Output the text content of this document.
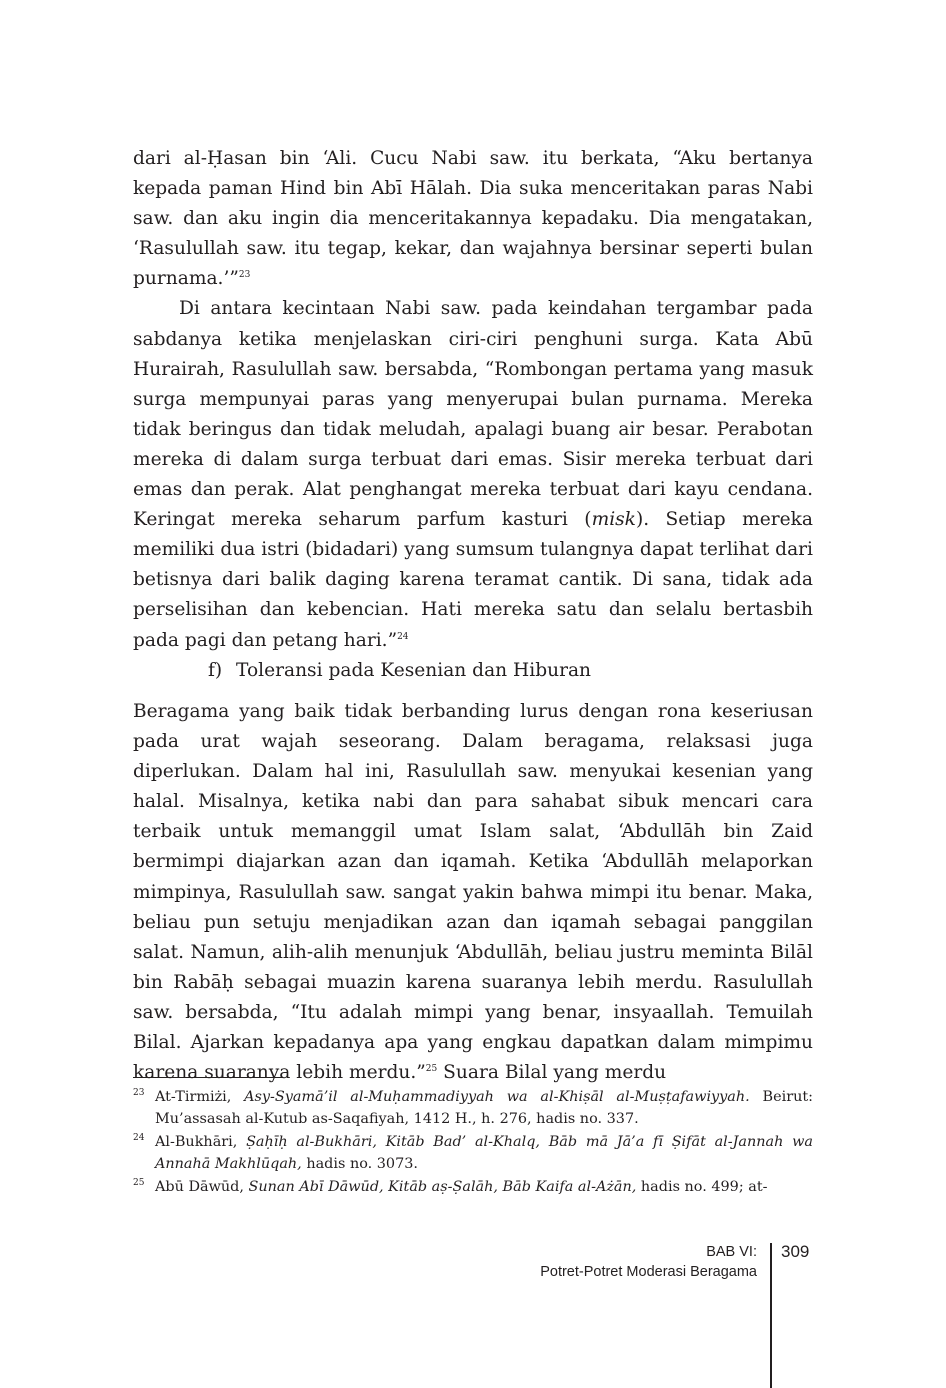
dari al-Ḥasan bin ‘Ali. Cucu Nabi saw. itu berkata, “Aku bertanya kepada paman Hind bin Abī Hālah. Dia suka menceritakan paras Nabi saw. dan aku ingin dia menceritakannya kepadaku. Dia mengatakan, ‘Rasulullah saw. itu tegap, kekar, dan wajahnya bersinar seperti bulan purnama.’”$^{23}$

Di antara kecintaan Nabi saw. pada keindahan tergambar pada sabdanya ketika menjelaskan ciri-ciri penghuni surga. Kata Abū Hurairah, Rasulullah saw. bersabda, “Rombongan pertama yang masuk surga mempunyai paras yang menyerupai bulan purnama. Mereka tidak beringus dan tidak meludah, apalagi buang air besar. Perabotan mereka di dalam surga terbuat dari emas. Sisir mereka terbuat dari emas dan perak. Alat penghangat mereka terbuat dari kayu cendana. Keringat mereka seharum parfum kasturi (misk). Setiap mereka memiliki dua istri (bidadari) yang sumsum tulangnya dapat terlihat dari betisnya dari balik daging karena teramat cantik. Di sana, tidak ada perselisihan dan kebencian. Hati mereka satu dan selalu bertasbih pada pagi dan petang hari.”$^{24}$

f) Toleransi pada Kesenian dan Hiburan

Beragama yang baik tidak berbanding lurus dengan rona keseriusan pada urat wajah seseorang. Dalam beragama, relaksasi juga diperlukan. Dalam hal ini, Rasulullah saw. menyukai kesenian yang halal. Misalnya, ketika nabi dan para sahabat sibuk mencari cara terbaik untuk memanggil umat Islam salat, ‘Abdullāh bin Zaid bermimpi diajarkan azan dan iqamah. Ketika ‘Abdullāh melaporkan mimpinya, Rasulullah saw. sangat yakin bahwa mimpi itu benar. Maka, beliau pun setuju menjadikan azan dan iqamah sebagai panggilan salat. Namun, alih-alih menunjuk ‘Abdullāh, beliau justru meminta Bilāl bin Rabāḥ sebagai muazin karena suaranya lebih merdu. Rasulullah saw. bersabda, “Itu adalah mimpi yang benar, insyaallah. Temuilah Bilal. Ajarkan kepadanya apa yang engkau dapatkan dalam mimpimu karena suaranya lebih merdu.”$^{25}$ Suara Bilal yang merdu

23 At-Tirmiżi, Asy-Syamā’il al-Muḥammadiyyah wa al-Khiṣāl al-Muṣṭafawiyyah. Beirut: Mu’assasah al-Kutub as-Saqafiyah, 1412 H., h. 276, hadis no. 337.

24 Al-Bukhāri, Ṣaḥīḥ al-Bukhāri, Kitāb Bad’ al-Khalq, Bāb mā Jā’a fī Ṣifāt al-Jannah wa Annahā Makhlūqah, hadis no. 3073.

25 Abū Dāwūd, Sunan Abī Dāwūd, Kitāb aṣ-Ṣalāh, Bāb Kaifa al-Ażān, hadis no. 499; at-

BAB VI:
Potret-Potret Moderasi Beragama
309
